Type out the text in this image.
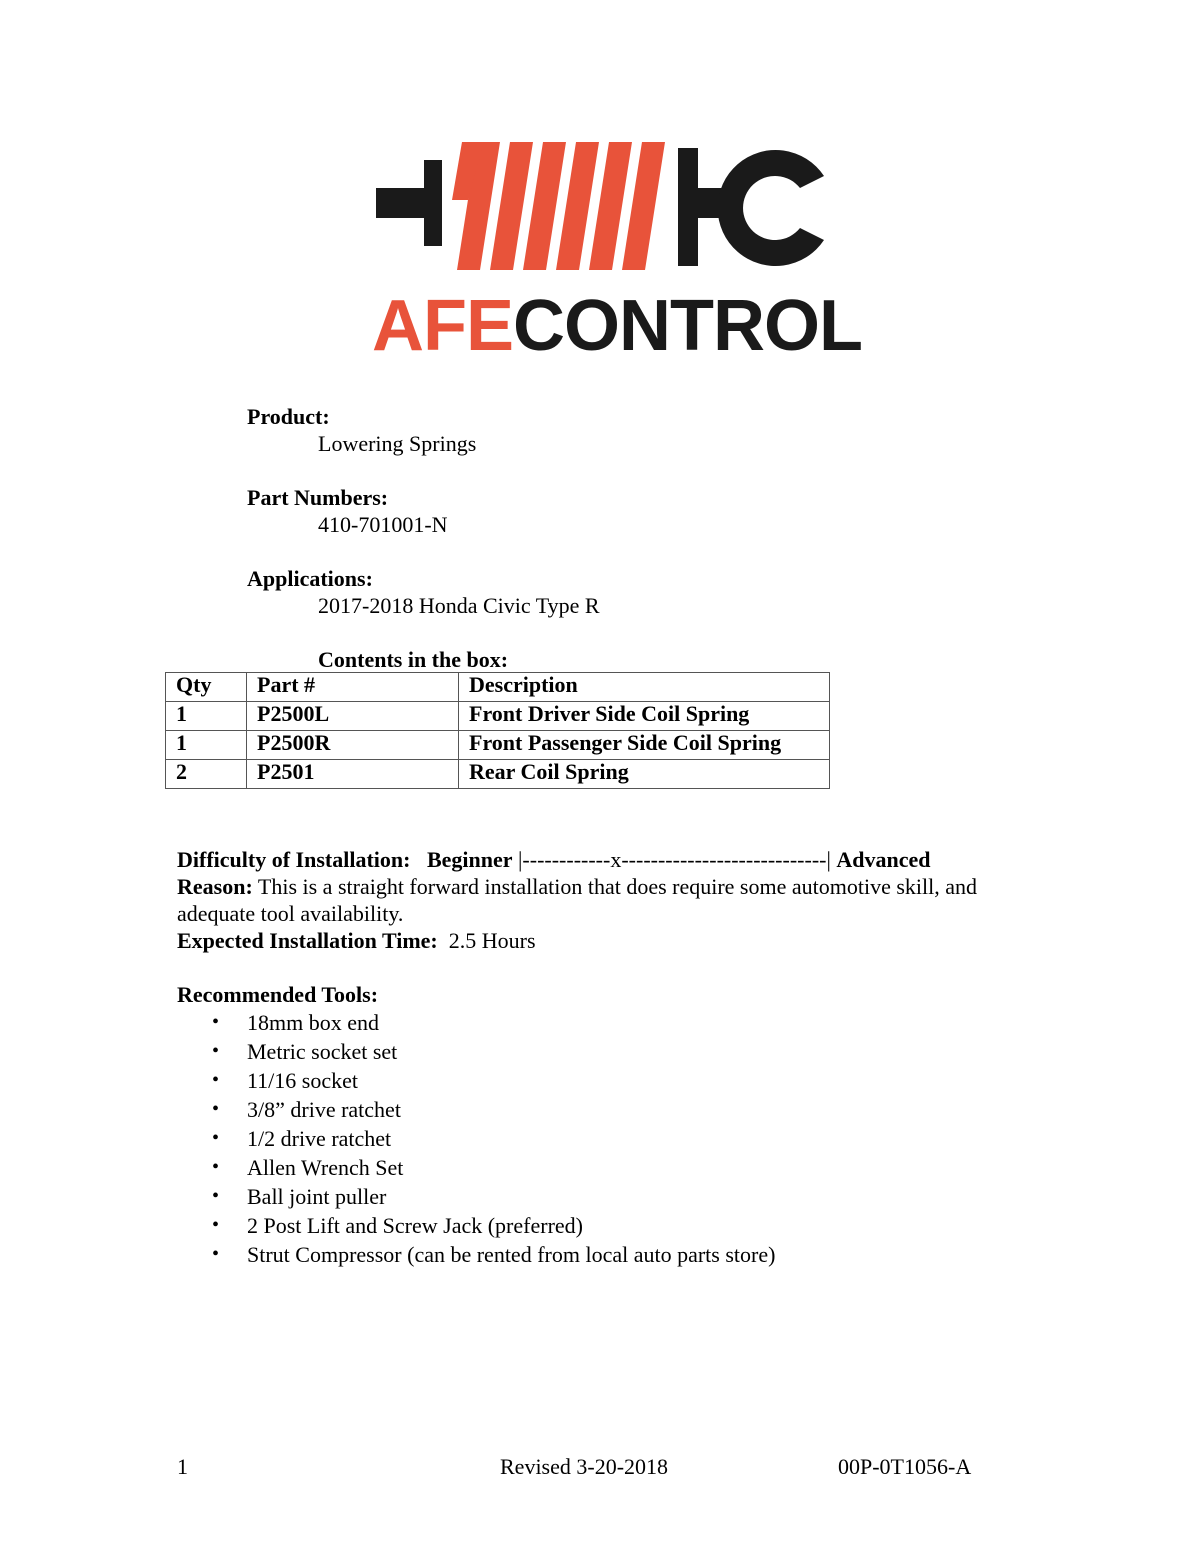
AFECONTROL
Product:
Lowering Springs
Part Numbers:
410-701001-N
Applications:
2017-2018 Honda Civic Type R
Contents in the box:
Qty	Part #	Description
1	P2500L	Front Driver Side Coil Spring
1	P2500R	Front Passenger Side Coil Spring
2	P2501	Rear Coil Spring
Difficulty of Installation: Beginner |------------x----------------------------| Advanced
Reason: This is a straight forward installation that does require some automotive skill, and adequate tool availability.
Expected Installation Time: 2.5 Hours
Recommended Tools:
• 18mm box end
• Metric socket set
• 11/16 socket
• 3/8” drive ratchet
• 1/2 drive ratchet
• Allen Wrench Set
• Ball joint puller
• 2 Post Lift and Screw Jack (preferred)
• Strut Compressor (can be rented from local auto parts store)
1	Revised 3-20-2018	00P-0T1056-A
